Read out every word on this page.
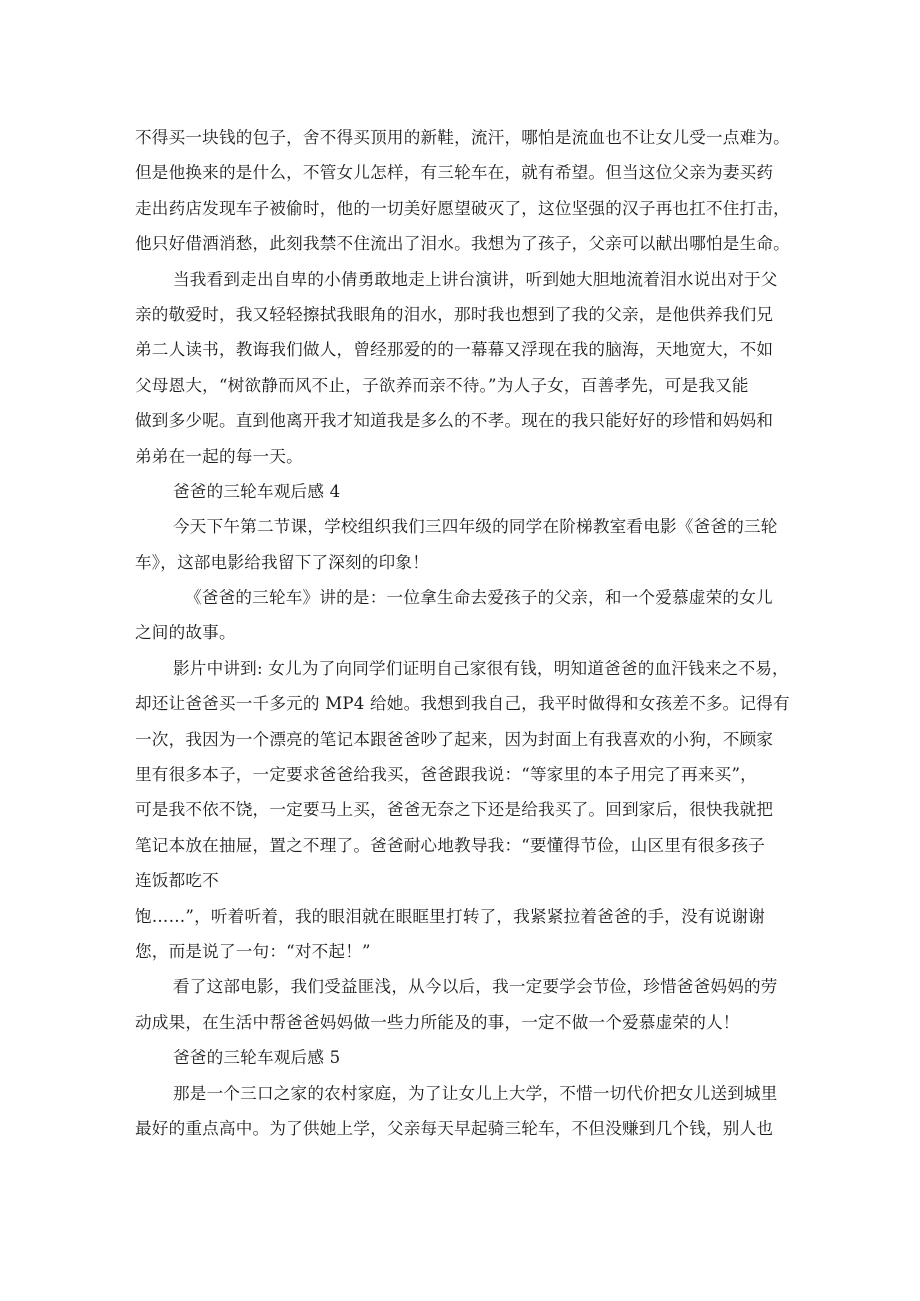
不得买一块钱的包子，舍不得买顶用的新鞋，流汗，哪怕是流血也不让女儿受一点难为。
但是他换来的是什么，不管女儿怎样，有三轮车在，就有希望。但当这位父亲为妻买药
走出药店发现车子被偷时，他的一切美好愿望破灭了，这位坚强的汉子再也扛不住打击，
他只好借酒消愁，此刻我禁不住流出了泪水。我想为了孩子，父亲可以献出哪怕是生命。
当我看到走出自卑的小倩勇敢地走上讲台演讲，听到她大胆地流着泪水说出对于父
亲的敬爱时，我又轻轻擦拭我眼角的泪水，那时我也想到了我的父亲，是他供养我们兄
弟二人读书，教诲我们做人，曾经那爱的的一幕幕又浮现在我的脑海，天地宽大，不如
父母恩大，“树欲静而风不止，子欲养而亲不待。”为人子女，百善孝先，可是我又能
做到多少呢。直到他离开我才知道我是多么的不孝。现在的我只能好好的珍惜和妈妈和
弟弟在一起的每一天。
爸爸的三轮车观后感 4
今天下午第二节课，学校组织我们三四年级的同学在阶梯教室看电影《爸爸的三轮
车》，这部电影给我留下了深刻的印象！
《爸爸的三轮车》讲的是：一位拿生命去爱孩子的父亲，和一个爱慕虚荣的女儿
之间的故事。
影片中讲到: 女儿为了向同学们证明自己家很有钱，明知道爸爸的血汗钱来之不易，
却还让爸爸买一千多元的 MP4 给她。我想到我自己，我平时做得和女孩差不多。记得有
一次，我因为一个漂亮的笔记本跟爸爸吵了起来，因为封面上有我喜欢的小狗，不顾家
里有很多本子，一定要求爸爸给我买，爸爸跟我说：“等家里的本子用完了再来买”，
可是我不依不饶，一定要马上买，爸爸无奈之下还是给我买了。回到家后，很快我就把
笔记本放在抽屉，置之不理了。爸爸耐心地教导我：“要懂得节俭，山区里有很多孩子
连饭都吃不
饱……”，听着听着，我的眼泪就在眼眶里打转了，我紧紧拉着爸爸的手，没有说谢谢
您，而是说了一句：“对不起！”
看了这部电影，我们受益匪浅，从今以后，我一定要学会节俭，珍惜爸爸妈妈的劳
动成果，在生活中帮爸爸妈妈做一些力所能及的事，一定不做一个爱慕虚荣的人！
爸爸的三轮车观后感 5
那是一个三口之家的农村家庭，为了让女儿上大学，不惜一切代价把女儿送到城里
最好的重点高中。为了供她上学，父亲每天早起骑三轮车，不但没赚到几个钱，别人也
